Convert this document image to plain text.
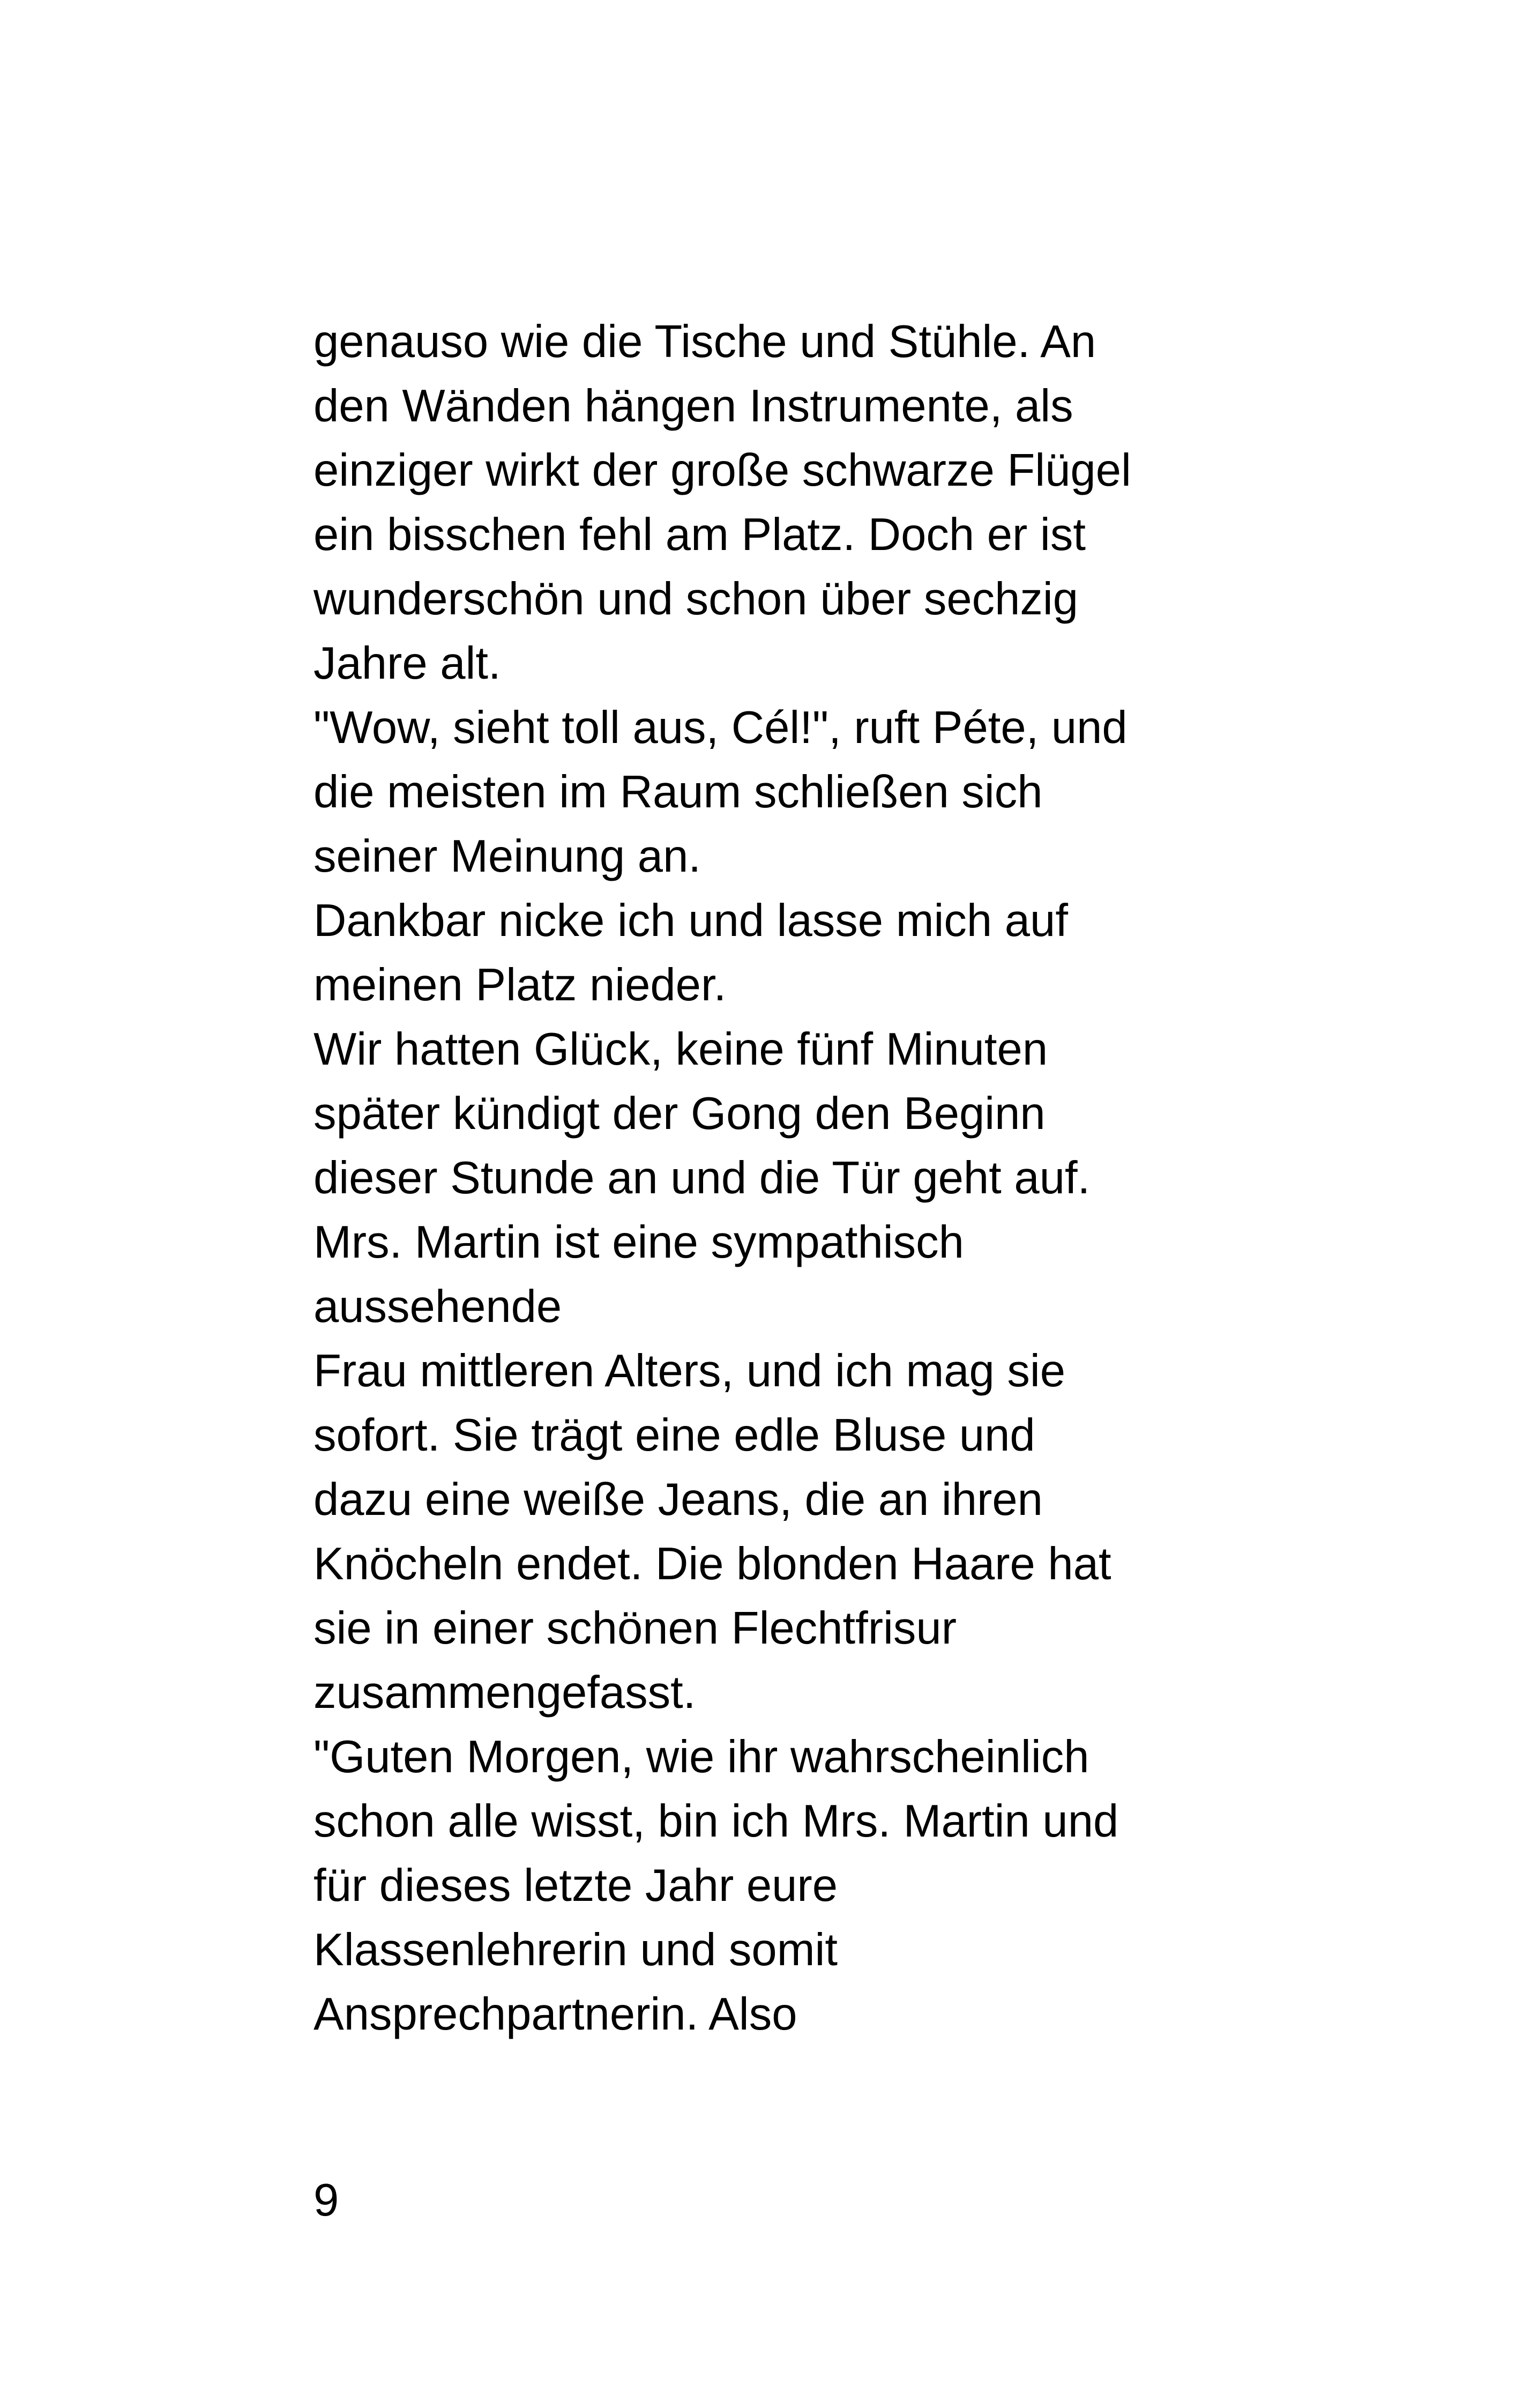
genauso wie die Tische und Stühle. An
den Wänden hängen Instrumente, als
einziger wirkt der große schwarze Flügel
ein bisschen fehl am Platz. Doch er ist
wunderschön und schon über sechzig
Jahre alt.
"Wow, sieht toll aus, Cél!", ruft Péte, und
die meisten im Raum schließen sich
seiner Meinung an.
Dankbar nicke ich und lasse mich auf
meinen Platz nieder.
Wir hatten Glück, keine fünf Minuten
später kündigt der Gong den Beginn
dieser Stunde an und die Tür geht auf.
Mrs. Martin ist eine sympathisch
aussehende
Frau mittleren Alters, und ich mag sie
sofort. Sie trägt eine edle Bluse und
dazu eine weiße Jeans, die an ihren
Knöcheln endet. Die blonden Haare hat
sie in einer schönen Flechtfrisur
zusammengefasst.
"Guten Morgen, wie ihr wahrscheinlich
schon alle wisst, bin ich Mrs. Martin und
für dieses letzte Jahr eure
Klassenlehrerin und somit
Ansprechpartnerin. Also
9
